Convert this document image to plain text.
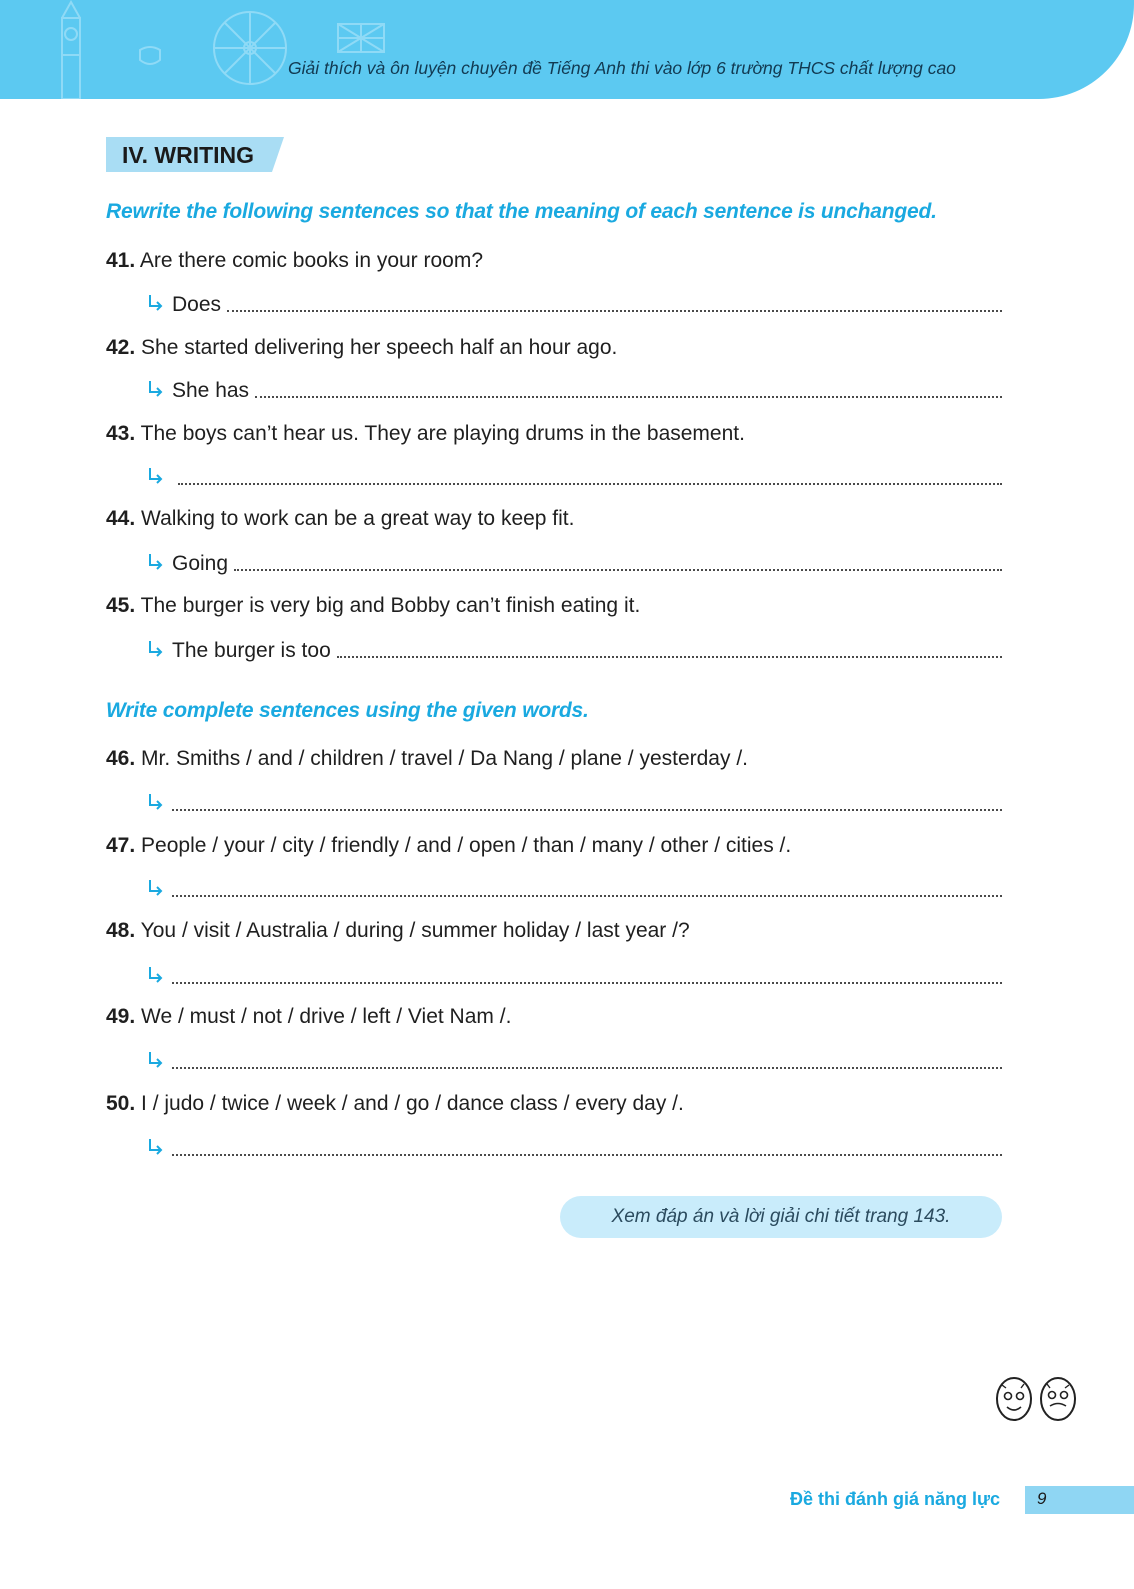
Giải thích và ôn luyện chuyên đề Tiếng Anh thi vào lớp 6 trường THCS chất lượng cao
IV. WRITING
Rewrite the following sentences so that the meaning of each sentence is unchanged.
41. Are there comic books in your room?
Does
42. She started delivering her speech half an hour ago.
She has
43. The boys can’t hear us. They are playing drums in the basement.
44. Walking to work can be a great way to keep fit.
Going
45. The burger is very big and Bobby can’t finish eating it.
The burger is too
Write complete sentences using the given words.
46. Mr. Smiths / and / children / travel / Da Nang / plane / yesterday /.
47. People / your / city / friendly / and / open / than / many / other / cities /.
48. You / visit / Australia / during / summer holiday / last year /?
49. We / must / not / drive / left / Viet Nam /.
50. I / judo / twice / week / and / go / dance class / every day /.
Xem đáp án và lời giải chi tiết trang 143.
Đề thi đánh giá năng lực 9
